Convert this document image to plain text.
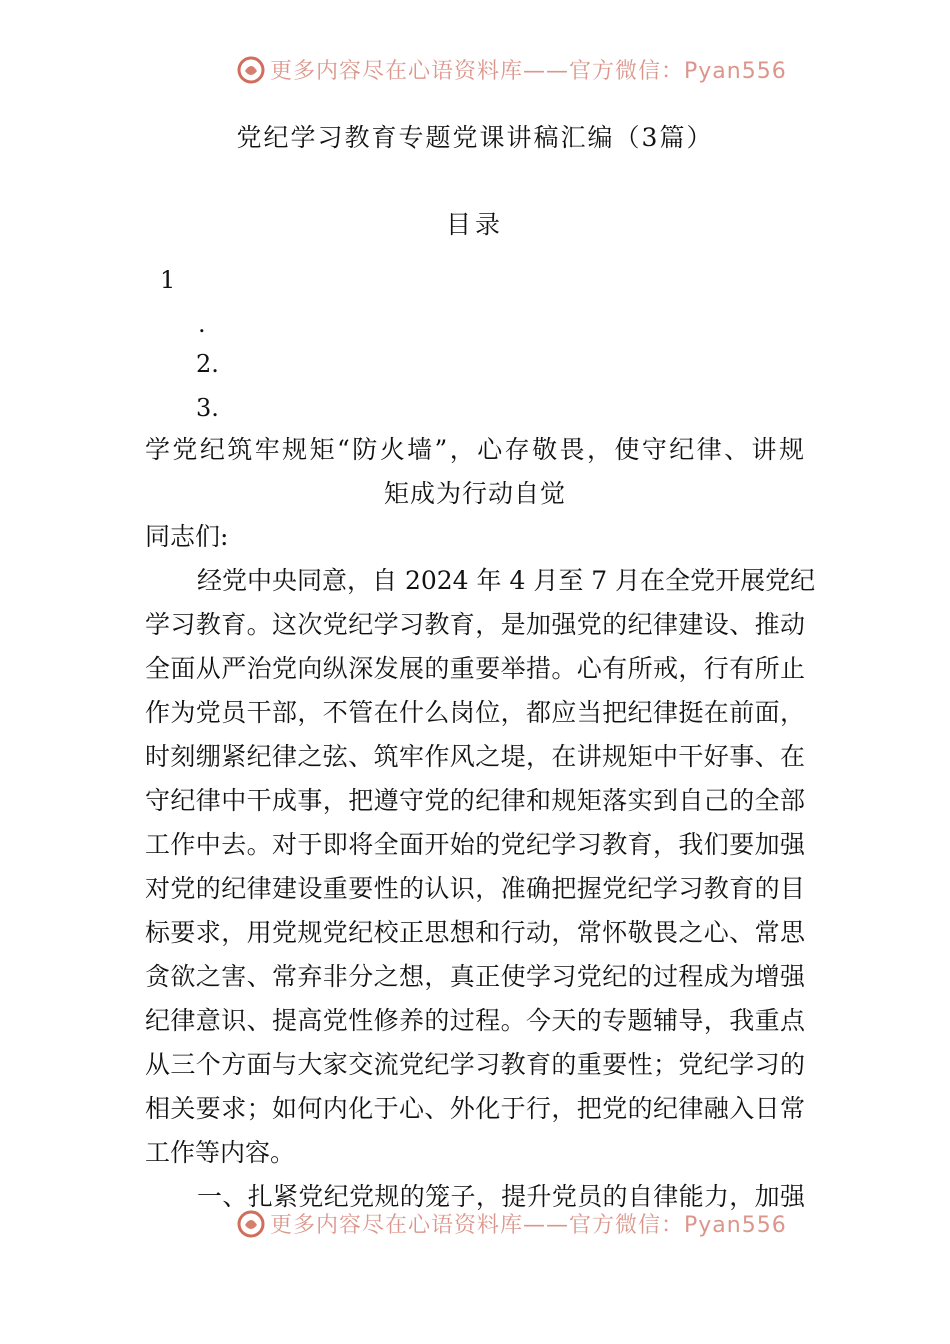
更多内容尽在心语资料库——官方微信：Pyan556
党纪学习教育专题党课讲稿汇编（3篇）
目录
1
.
2.
3.
学党纪筑牢规矩“防火墙”，心存敬畏，使守纪律、讲规
矩成为行动自觉
同志们:
经党中央同意，自 2024 年 4 月至 7 月在全党开展党纪
学习教育。这次党纪学习教育，是加强党的纪律建设、推动
全面从严治党向纵深发展的重要举措。心有所戒，行有所止
作为党员干部，不管在什么岗位，都应当把纪律挺在前面，
时刻绷紧纪律之弦、筑牢作风之堤，在讲规矩中干好事、在
守纪律中干成事，把遵守党的纪律和规矩落实到自己的全部
工作中去。对于即将全面开始的党纪学习教育，我们要加强
对党的纪律建设重要性的认识，准确把握党纪学习教育的目
标要求，用党规党纪校正思想和行动，常怀敬畏之心、常思
贪欲之害、常弃非分之想，真正使学习党纪的过程成为增强
纪律意识、提高党性修养的过程。今天的专题辅导，我重点
从三个方面与大家交流党纪学习教育的重要性；党纪学习的
相关要求；如何内化于心、外化于行，把党的纪律融入日常
工作等内容。
一、扎紧党纪党规的笼子，提升党员的自律能力，加强
更多内容尽在心语资料库——官方微信：Pyan556
